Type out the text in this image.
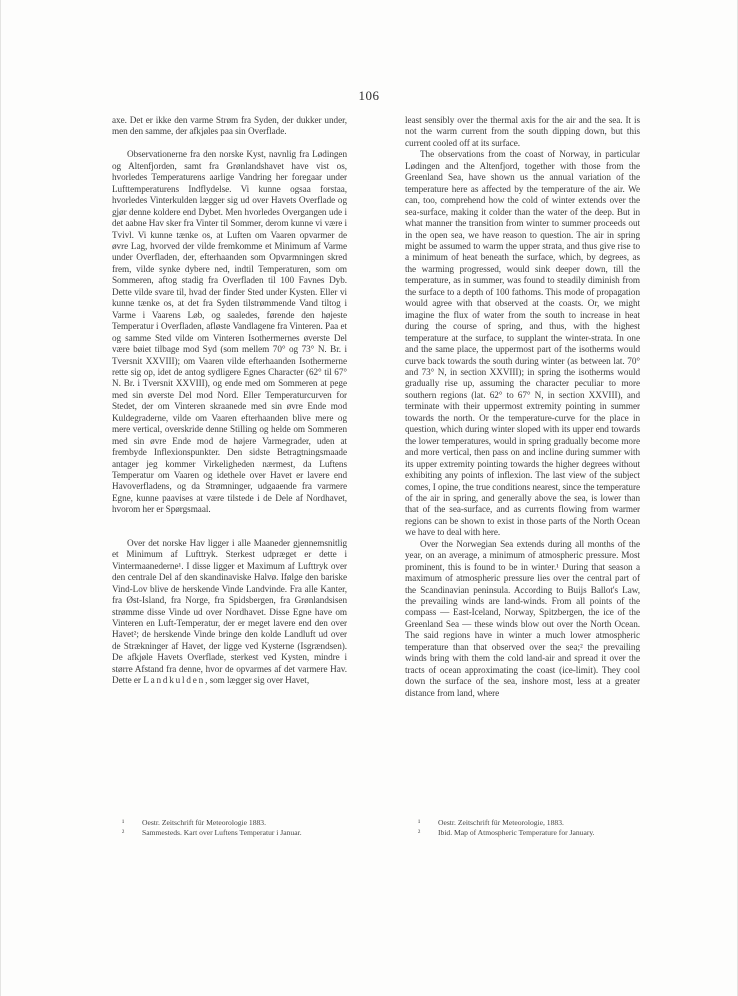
106

axe. Det er ikke den varme Strøm fra Syden, der dukker under, men den samme, der afkjøles paa sin Overflade.

Observationerne fra den norske Kyst, navnlig fra Lødingen og Altenfjorden, samt fra Grønlandshavet have vist os, hvorledes Temperaturens aarlige Vandring her foregaar under Lufttemperaturens Indflydelse. Vi kunne ogsaa forstaa, hvorledes Vinterkulden lægger sig ud over Havets Overflade og gjør denne koldere end Dybet. Men hvorledes Overgangen ude i det aabne Hav sker fra Vinter til Sommer, derom kunne vi være i Tvivl. Vi kunne tænke os, at Luften om Vaaren opvarmer de øvre Lag, hvorved der vilde fremkomme et Minimum af Varme under Overfladen, der, efterhaanden som Opvarmningen skred frem, vilde synke dybere ned, indtil Temperaturen, som om Sommeren, aftog stadig fra Overfladen til 100 Favnes Dyb. Dette vilde svare til, hvad der finder Sted under Kysten. Eller vi kunne tænke os, at det fra Syden tilstrømmende Vand tiltog i Varme i Vaarens Løb, og saaledes, førende den højeste Temperatur i Overfladen, afløste Vandlagene fra Vinteren. Paa et og samme Sted vilde om Vinteren Isothermernes øverste Del være bøiet tilbage mod Syd (som mellem 70° og 73° N. Br. i Tversnit XXVIII); om Vaaren vilde efterhaanden Isothermerne rette sig op, idet de antog sydligere Egnes Character (62° til 67° N. Br. i Tversnit XXVIII), og ende med om Sommeren at pege med sin øverste Del mod Nord. Eller Temperaturcurven for Stedet, der om Vinteren skraanede med sin øvre Ende mod Kuldegraderne, vilde om Vaaren efterhaanden blive mere og mere vertical, overskride denne Stilling og helde om Sommeren med sin øvre Ende mod de højere Varmegrader, uden at frembyde Inflexionspunkter. Den sidste Betragtningsmaade antager jeg kommer Virkeligheden nærmest, da Luftens Temperatur om Vaaren og idethele over Havet er lavere end Havoverfladens, og da Strømninger, udgaaende fra varmere Egne, kunne paavises at være tilstede i de Dele af Nordhavet, hvorom her er Spørgsmaal.

Over det norske Hav ligger i alle Maaneder gjennemsnitlig et Minimum af Lufttryk. Sterkest udpræget er dette i Vintermaanederne¹. I disse ligger et Maximum af Lufttryk over den centrale Del af den skandinaviske Halvø. Ifølge den bariske Vind-Lov blive de herskende Vinde Landvinde. Fra alle Kanter, fra Øst-Island, fra Norge, fra Spidsbergen, fra Grønlandsisen strømme disse Vinde ud over Nordhavet. Disse Egne have om Vinteren en Luft-Temperatur, der er meget lavere end den over Havet²; de herskende Vinde bringe den kolde Landluft ud over de Strækninger af Havet, der ligge ved Kysterne (Isgrændsen). De afkjøle Havets Overflade, sterkest ved Kysten, mindre i større Afstand fra denne, hvor de opvarmes af det varmere Hav. Dette er Landkulden, som lægger sig over Havet,

least sensibly over the thermal axis for the air and the sea. It is not the warm current from the south dipping down, but this current cooled off at its surface.

The observations from the coast of Norway, in particular Lødingen and the Altenfjord, together with those from the Greenland Sea, have shown us the annual variation of the temperature here as affected by the temperature of the air. We can, too, comprehend how the cold of winter extends over the sea-surface, making it colder than the water of the deep. But in what manner the transition from winter to summer proceeds out in the open sea, we have reason to question. The air in spring might be assumed to warm the upper strata, and thus give rise to a minimum of heat beneath the surface, which, by degrees, as the warming progressed, would sink deeper down, till the temperature, as in summer, was found to steadily diminish from the surface to a depth of 100 fathoms. This mode of propagation would agree with that observed at the coasts. Or, we might imagine the flux of water from the south to increase in heat during the course of spring, and thus, with the highest temperature at the surface, to supplant the winter-strata. In one and the same place, the uppermost part of the isotherms would curve back towards the south during winter (as between lat. 70° and 73° N, in section XXVIII); in spring the isotherms would gradually rise up, assuming the character peculiar to more southern regions (lat. 62° to 67° N, in section XXVIII), and terminate with their uppermost extremity pointing in summer towards the north. Or the temperature-curve for the place in question, which during winter sloped with its upper end towards the lower temperatures, would in spring gradually become more and more vertical, then pass on and incline during summer with its upper extremity pointing towards the higher degrees without exhibiting any points of inflexion. The last view of the subject comes, I opine, the true conditions nearest, since the temperature of the air in spring, and generally above the sea, is lower than that of the sea-surface, and as currents flowing from warmer regions can be shown to exist in those parts of the North Ocean we have to deal with here.

Over the Norwegian Sea extends during all months of the year, on an average, a minimum of atmospheric pressure. Most prominent, this is found to be in winter.¹ During that season a maximum of atmospheric pressure lies over the central part of the Scandinavian peninsula. According to Buijs Ballot's Law, the prevailing winds are land-winds. From all points of the compass — East-Iceland, Norway, Spitzbergen, the ice of the Greenland Sea — these winds blow out over the North Ocean. The said regions have in winter a much lower atmospheric temperature than that observed over the sea;² the prevailing winds bring with them the cold land-air and spread it over the tracts of ocean approximating the coast (ice-limit). They cool down the surface of the sea, inshore most, less at a greater distance from land, where

¹ Oestr. Zeitschrift für Meteorologie 1883.
² Sammesteds. Kart over Luftens Temperatur i Januar.
¹ Oestr. Zeitschrift für Meteorologie, 1883.
² Ibid. Map of Atmospheric Temperature for January.
